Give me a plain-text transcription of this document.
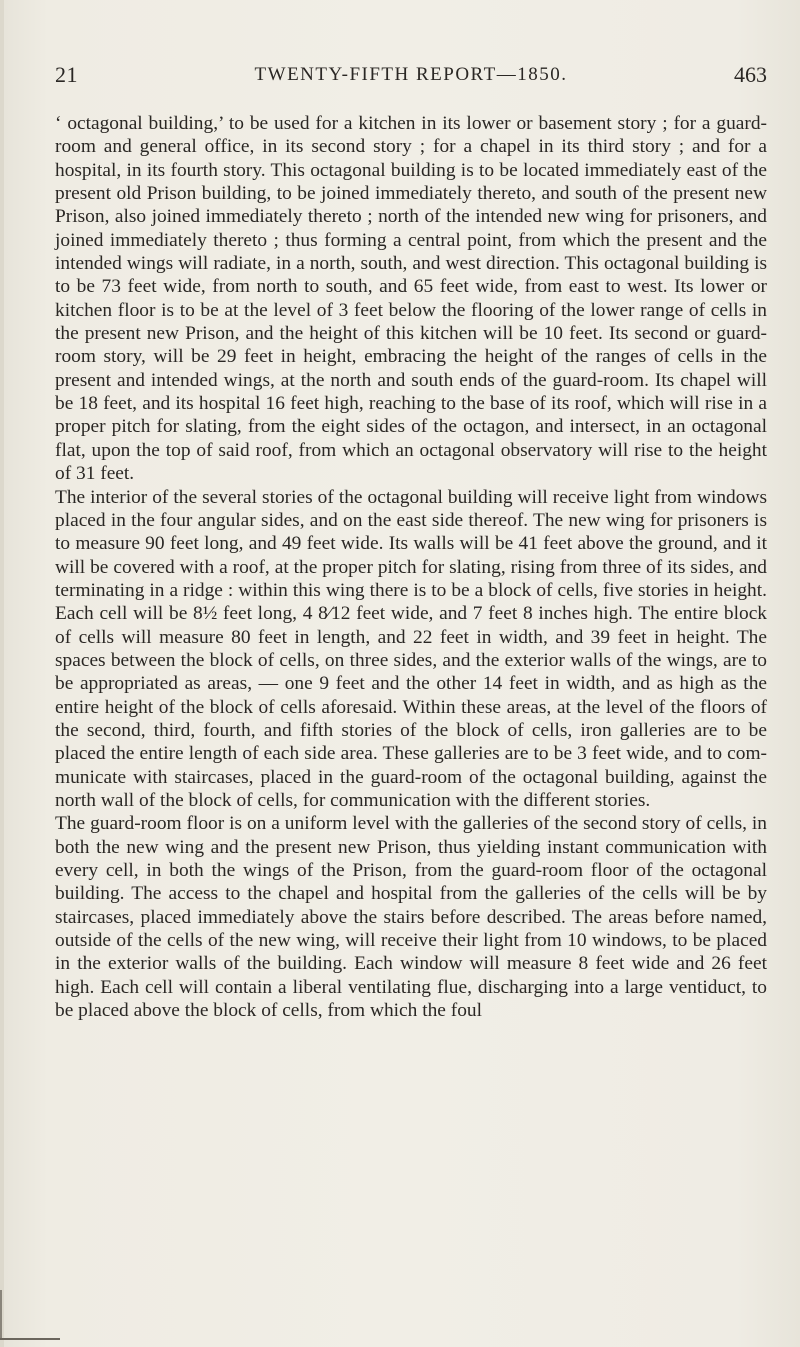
21	TWENTY-FIFTH REPORT—1850.	463

‘ octagonal building,’ to be used for a kitchen in its lower or basement story ; for a guard-room and general office, in its second story ; for a chapel in its third story ; and for a hospital, in its fourth story. This octagonal building is to be located immediately east of the present old Prison building, to be joined immediately thereto, and south of the present new Prison, also joined immediately thereto ; north of the intended new wing for prisoners, and joined immediately thereto ; thus forming a central point, from which the present and the intended wings will radiate, in a north, south, and west direction. This octagonal building is to be 73 feet wide, from north to south, and 65 feet wide, from east to west. Its lower or kitchen floor is to be at the level of 3 feet below the flooring of the lower range of cells in the present new Prison, and the height of this kitchen will be 10 feet. Its second or guard-room story, will be 29 feet in height, embracing the height of the ranges of cells in the present and intended wings, at the north and south ends of the guard-room. Its chapel will be 18 feet, and its hospital 16 feet high, reaching to the base of its roof, which will rise in a proper pitch for slating, from the eight sides of the octagon, and intersect, in an octagonal flat, upon the top of said roof, from which an octagonal observatory will rise to the height of 31 feet.

The interior of the several stories of the octagonal building will receive light from windows placed in the four angular sides, and on the east side thereof. The new wing for prisoners is to measure 90 feet long, and 49 feet wide. Its walls will be 41 feet above the ground, and it will be covered with a roof, at the proper pitch for slating, rising from three of its sides, and terminating in a ridge : within this wing there is to be a block of cells, five stories in height. Each cell will be 8½ feet long, 4 8⁄12 feet wide, and 7 feet 8 inches high. The entire block of cells will measure 80 feet in length, and 22 feet in width, and 39 feet in height. The spaces between the block of cells, on three sides, and the exterior walls of the wings, are to be appropriated as areas, — one 9 feet and the other 14 feet in width, and as high as the entire height of the block of cells aforesaid. Within these areas, at the level of the floors of the second, third, fourth, and fifth stories of the block of cells, iron galleries are to be placed the entire length of each side area. These galleries are to be 3 feet wide, and to communicate with staircases, placed in the guard-room of the octagonal building, against the north wall of the block of cells, for communication with the different stories.

The guard-room floor is on a uniform level with the galleries of the second story of cells, in both the new wing and the present new Prison, thus yielding instant communication with every cell, in both the wings of the Prison, from the guard-room floor of the octagonal building. The access to the chapel and hospital from the galleries of the cells will be by staircases, placed immediately above the stairs before described. The areas before named, outside of the cells of the new wing, will receive their light from 10 windows, to be placed in the exterior walls of the building. Each window will measure 8 feet wide and 26 feet high. Each cell will contain a liberal ventilating flue, discharging into a large ventiduct, to be placed above the block of cells, from which the foul
